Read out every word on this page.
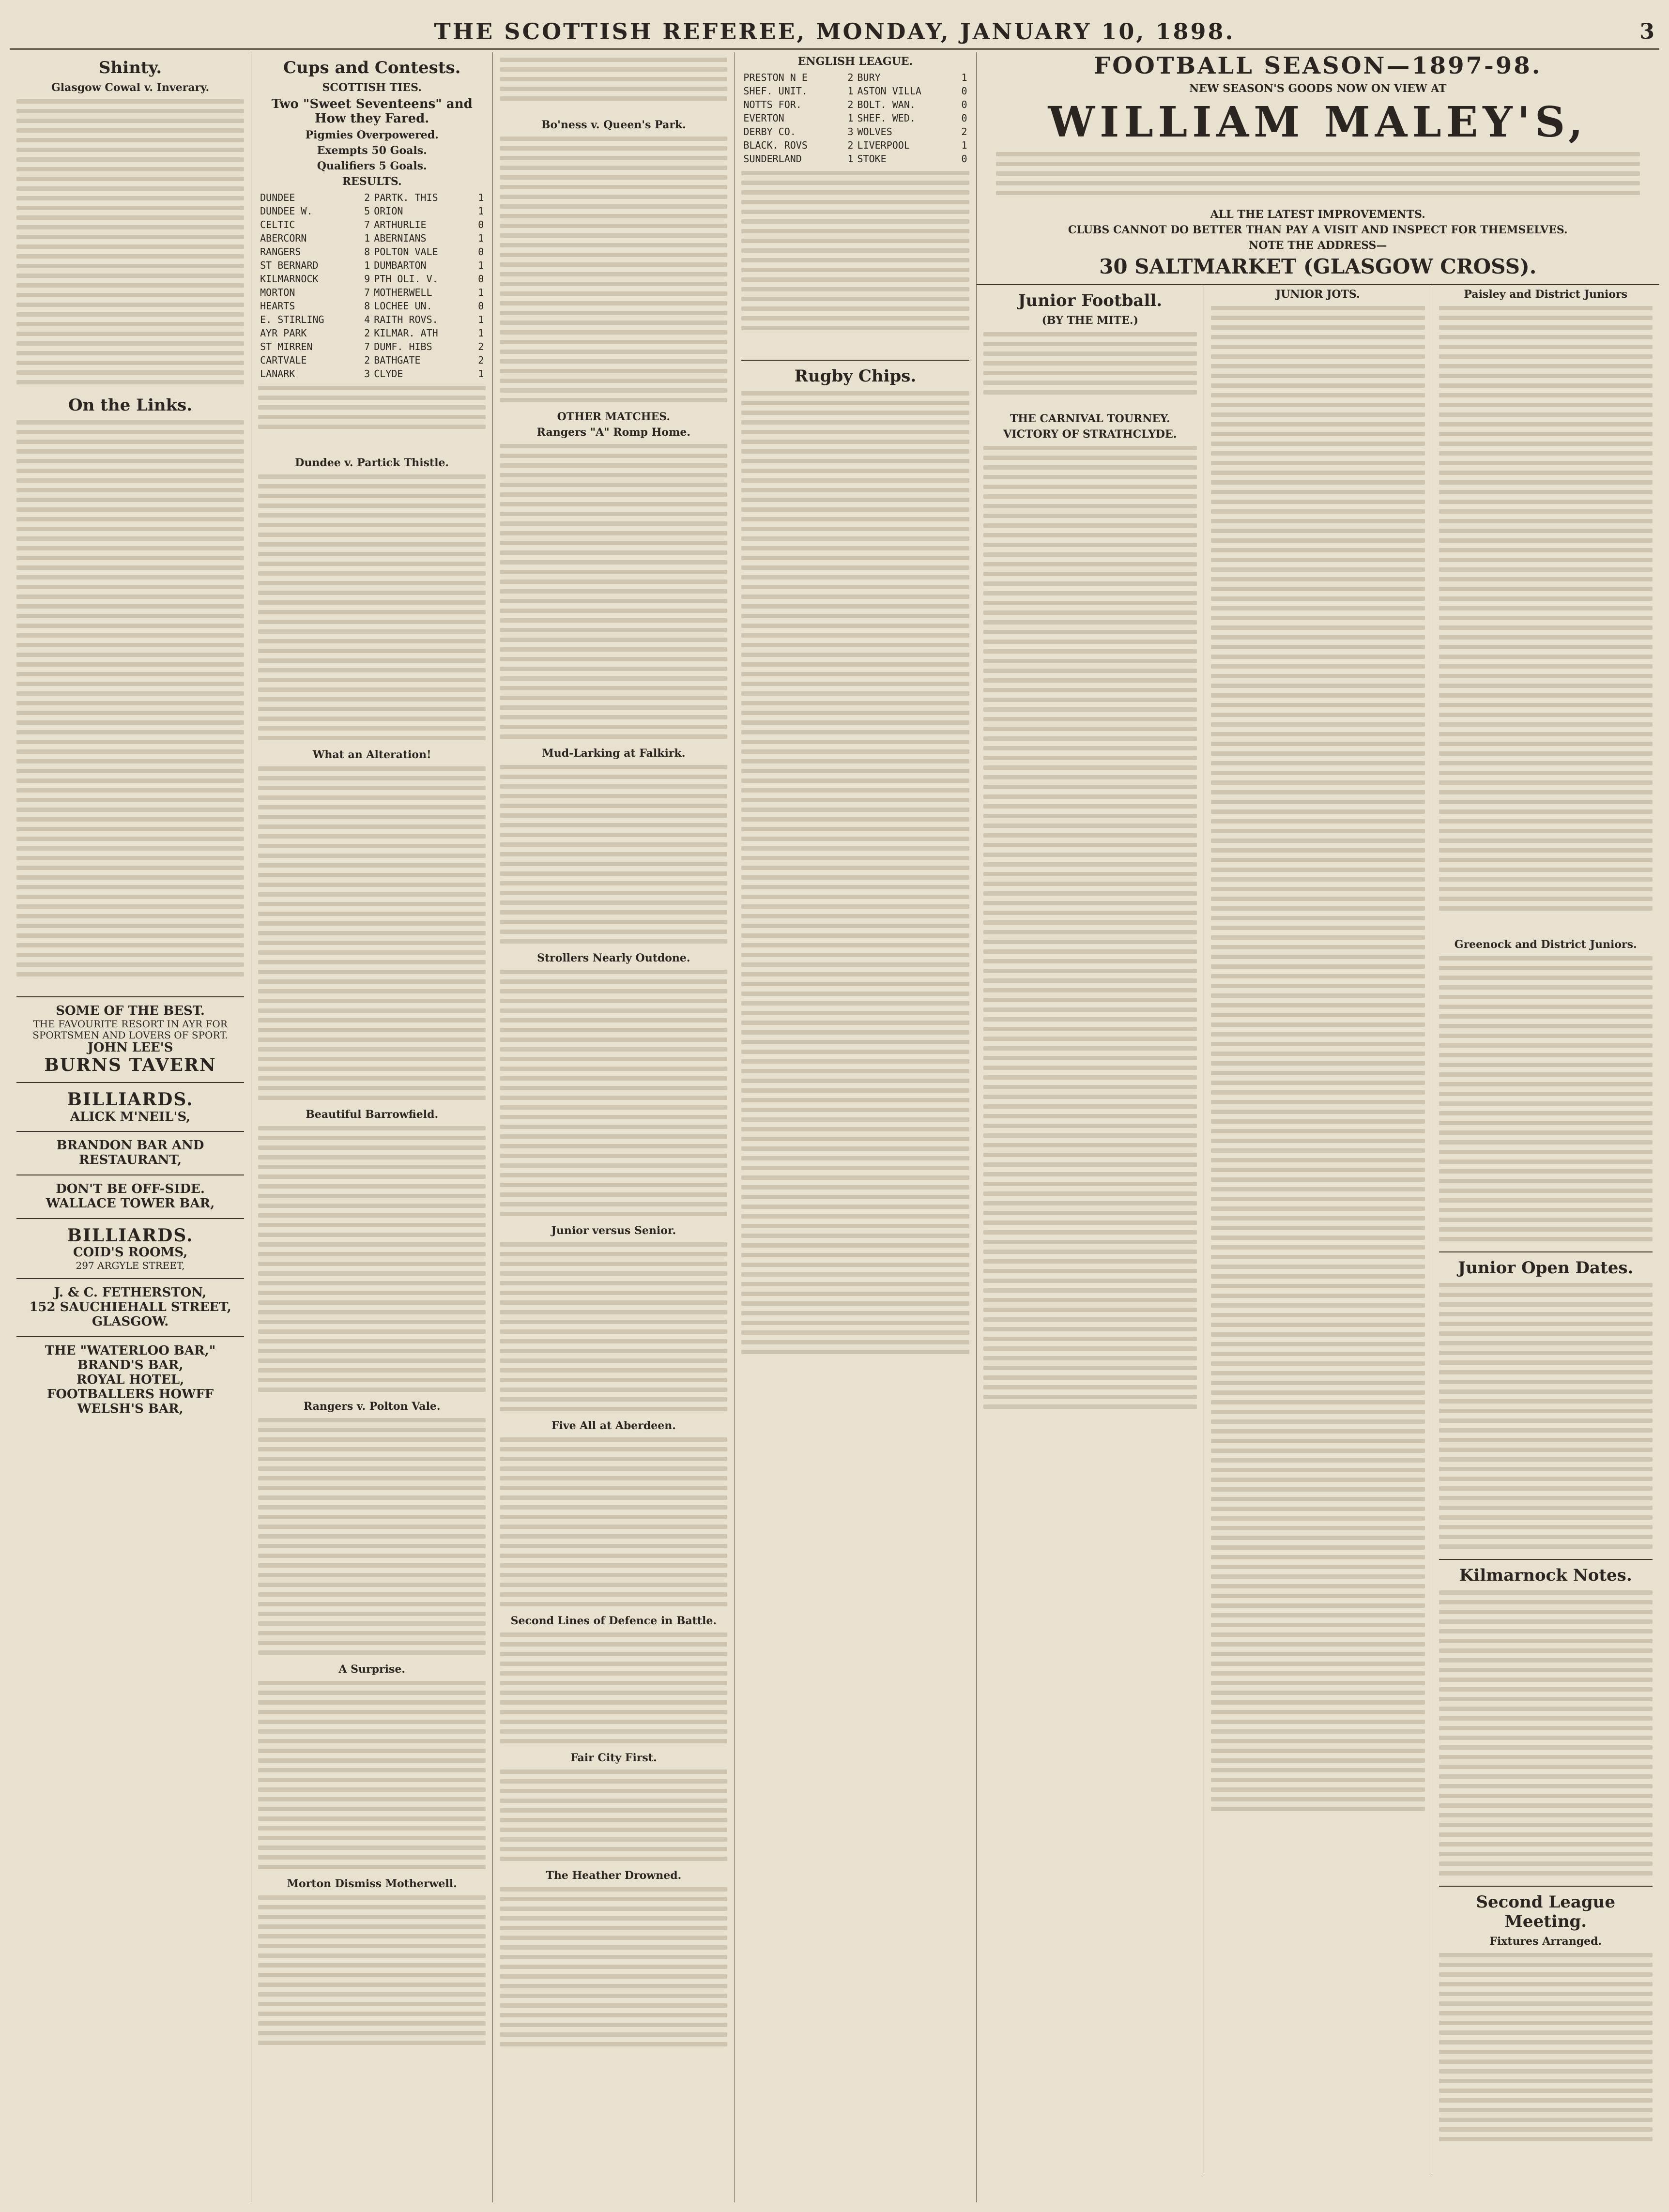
THE SCOTTISH REFEREE, MONDAY, JANUARY 10, 1898.	3
Shinty.
Glasgow Cowal v. Inverary.
On the Links.
SOME OF THE BEST.
THE FAVOURITE RESORT IN AYR FOR SPORTSMEN AND LOVERS OF SPORT.
JOHN LEE'S
BURNS TAVERN
BILLIARDS.
ALICK M'NEIL'S,
BRANDON BAR AND RESTAURANT,
DON'T BE OFF-SIDE.
WALLACE TOWER BAR,
BILLIARDS.
COID'S ROOMS,
297 ARGYLE STREET,
J. & C. FETHERSTON,
152 SAUCHIEHALL STREET, GLASGOW.
THE "WATERLOO BAR,"
BRAND'S BAR,
ROYAL HOTEL,
FOOTBALLERS HOWFF
WELSH'S BAR,
Cups and Contests.
SCOTTISH TIES.
Two "Sweet Seventeens" and How they Fared.
Pigmies Overpowered.
Exempts 50 Goals.
Qualifiers 5 Goals.
RESULTS.
DUNDEE	2	PARTK. THIS	1
DUNDEE W.	5	ORION	1
CELTIC	7	ARTHURLIE	0
ABERCORN	1	ABERNIANS	1
RANGERS	8	POLTON VALE	0
ST BERNARD	1	DUMBARTON	1
KILMARNOCK	9	PTH OLI. V.	0
MORTON	7	MOTHERWELL	1
HEARTS	8	LOCHEE UN.	0
E. STIRLING	4	RAITH ROVS.	1
AYR PARK	2	KILMAR. ATH	1
ST MIRREN	7	DUMF. HIBS	2
CARTVALE	2	BATHGATE	2
LANARK	3	CLYDE	1
Dundee v. Partick Thistle.
What an Alteration!
Beautiful Barrowfield.
Rangers v. Polton Vale.
A Surprise.
Morton Dismiss Motherwell.
Bo'ness v. Queen's Park.
OTHER MATCHES.
Rangers "A" Romp Home.
Mud-Larking at Falkirk.
Strollers Nearly Outdone.
Junior versus Senior.
Five All at Aberdeen.
Second Lines of Defence in Battle.
Fair City First.
The Heather Drowned.
ENGLISH LEAGUE.
PRESTON N E	2	BURY	1
SHEF. UNIT.	1	ASTON VILLA	0
NOTTS FOR.	2	BOLT. WAN.	0
EVERTON	1	SHEF. WED.	0
DERBY CO.	3	WOLVES	2
BLACK. ROVS	2	LIVERPOOL	1
SUNDERLAND	1	STOKE	0
Rugby Chips.
FOOTBALL SEASON—1897-98.
NEW SEASON'S GOODS NOW ON VIEW AT
WILLIAM MALEY'S,
ALL THE LATEST IMPROVEMENTS.
CLUBS CANNOT DO BETTER THAN PAY A VISIT AND INSPECT FOR THEMSELVES.
NOTE THE ADDRESS—
30 SALTMARKET (GLASGOW CROSS).
Junior Football.
(BY THE MITE.)
THE CARNIVAL TOURNEY.
VICTORY OF STRATHCLYDE.
JUNIOR JOTS.	Paisley and District Juniors
Greenock and District Juniors.
Junior Open Dates.
Kilmarnock Notes.
Second League Meeting.
Fixtures Arranged.
